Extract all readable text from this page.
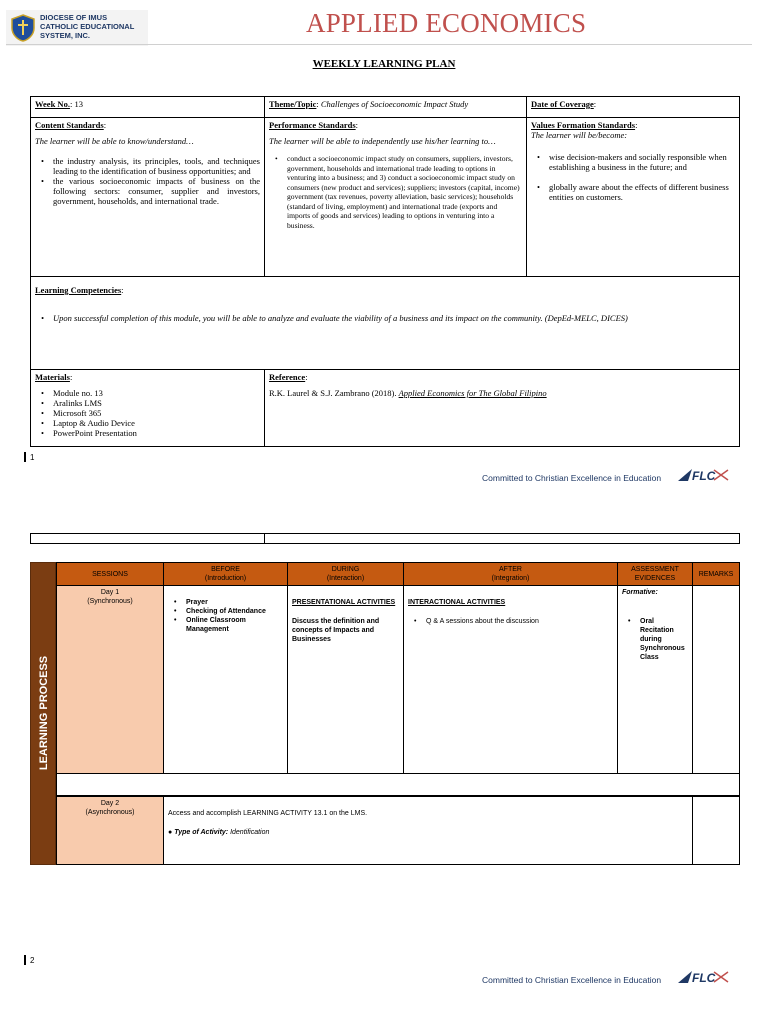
DIOCESE OF IMUS
CATHOLIC EDUCATIONAL
SYSTEM, INC.	APPLIED ECONOMICS
WEEKLY LEARNING PLAN
Week No.: 13	Theme/Topic: Challenges of Socioeconomic Impact Study	Date of Coverage:
Content Standards:
The learner will be able to know/understand…
• the industry analysis, its principles, tools, and techniques leading to the identification of business opportunities; and
• the various socioeconomic impacts of business on the following sectors: consumer, supplier and investors, government, households, and international trade.
Performance Standards:
The learner will be able to independently use his/her learning to…
• conduct a socioeconomic impact study on consumers, suppliers, investors, government, households and international trade leading to options in venturing into a business; and 3) conduct a socioeconomic impact study on consumers (new product and services); suppliers; investors (capital, income) government (tax revenues, poverty alleviation, basic services); households (standard of living, employment) and international trade (exports and imports of goods and services) leading to options in venturing into a business.
Values Formation Standards:
The learner will be/become:
• wise decision-makers and socially responsible when establishing a business in the future; and
• globally aware about the effects of different business entities on customers.
Learning Competencies:
• Upon successful completion of this module, you will be able to analyze and evaluate the viability of a business and its impact on the community. (DepEd-MELC, DICES)
Materials:
• Module no. 13
• Aralinks LMS
• Microsoft 365
• Laptop & Audio Device
• PowerPoint Presentation
Reference:
R.K. Laurel & S.J. Zambrano (2018). Applied Economics for The Global Filipino
1
Committed to Christian Excellence in Education	FLC
LEARNING PROCESS
SESSIONS
BEFORE
(Introduction)
DURING
(Interaction)
AFTER
(Integration)
ASSESSMENT EVIDENCES
REMARKS
Day 1
(Synchronous)
•	Prayer
• Checking of Attendance
• Online Classroom Management
PRESENTATIONAL ACTIVITIES
Discuss the definition and concepts of Impacts and Businesses
INTERACTIONAL ACTIVITIES
• Q & A sessions about the discussion
Formative:
• Oral Recitation during Synchronous Class
Day 2
(Asynchronous)	Access and accomplish LEARNING ACTIVITY 13.1 on the LMS.
● Type of Activity: Identification
2
Committed to Christian Excellence in Education	FLC
